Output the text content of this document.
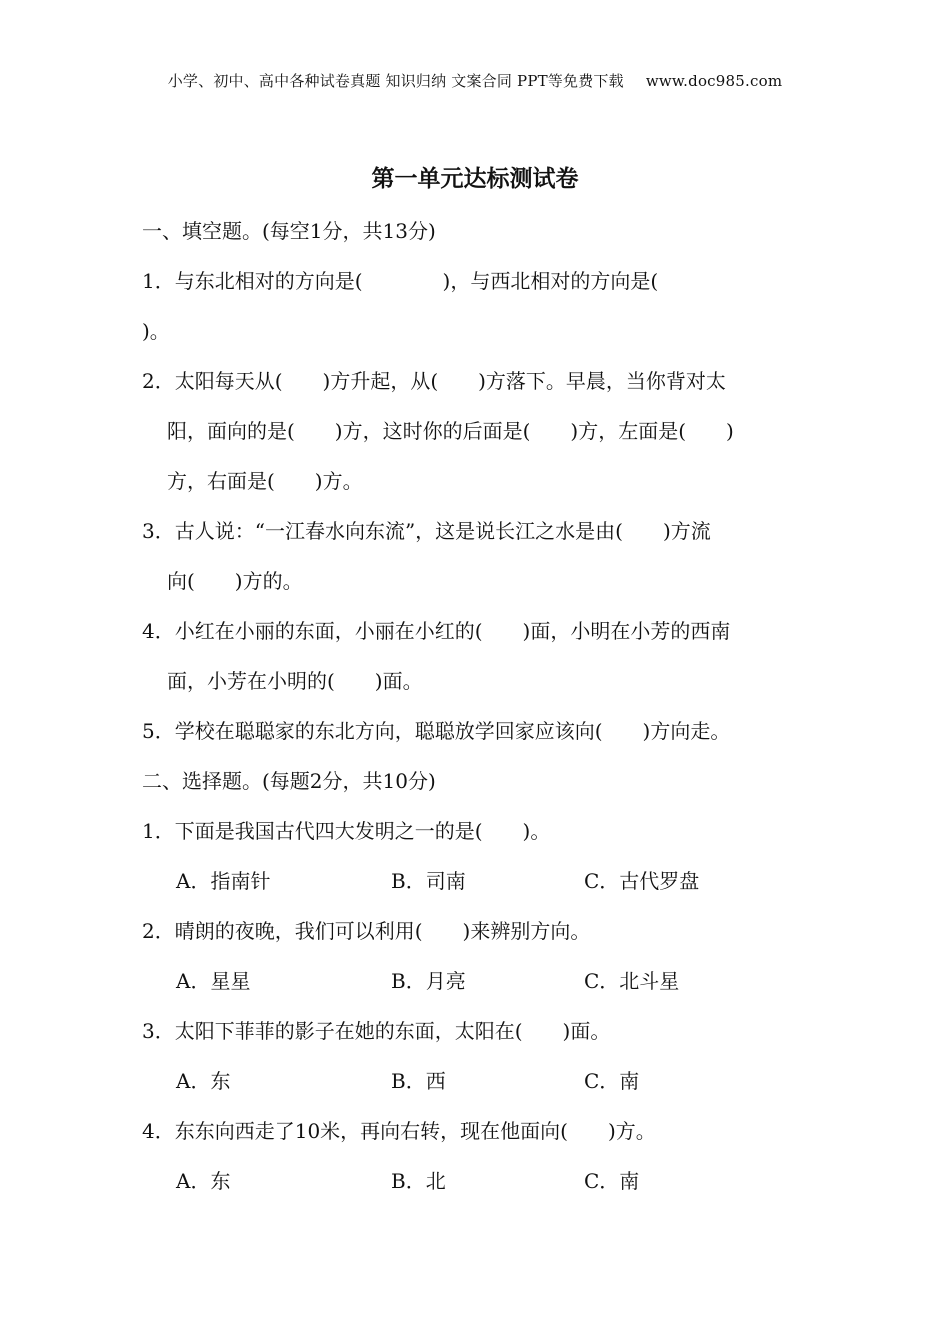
小学、初中、高中各种试卷真题 知识归纳 文案合同 PPT等免费下载 www.doc985.com
第一单元达标测试卷
一、填空题。(每空1分，共13分)
1．与东北相对的方向是(　　　　)，与西北相对的方向是(
)。
2．太阳每天从(　　)方升起，从(　　)方落下。早晨，当你背对太
阳，面向的是(　　)方，这时你的后面是(　　)方，左面是(　　)
方，右面是(　　)方。
3．古人说：“一江春水向东流”，这是说长江之水是由(　　)方流
向(　　)方的。
4．小红在小丽的东面，小丽在小红的(　　)面，小明在小芳的西南
面，小芳在小明的(　　)面。
5．学校在聪聪家的东北方向，聪聪放学回家应该向(　　)方向走。
二、选择题。(每题2分，共10分)
1．下面是我国古代四大发明之一的是(　　)。
A．指南针	B．司南	C．古代罗盘
2．晴朗的夜晚，我们可以利用(　　)来辨别方向。
A．星星	B．月亮	C．北斗星
3．太阳下菲菲的影子在她的东面，太阳在(　　)面。
A．东	B．西	C．南
4．东东向西走了10米，再向右转，现在他面向(　　)方。
A．东	B．北	C．南
